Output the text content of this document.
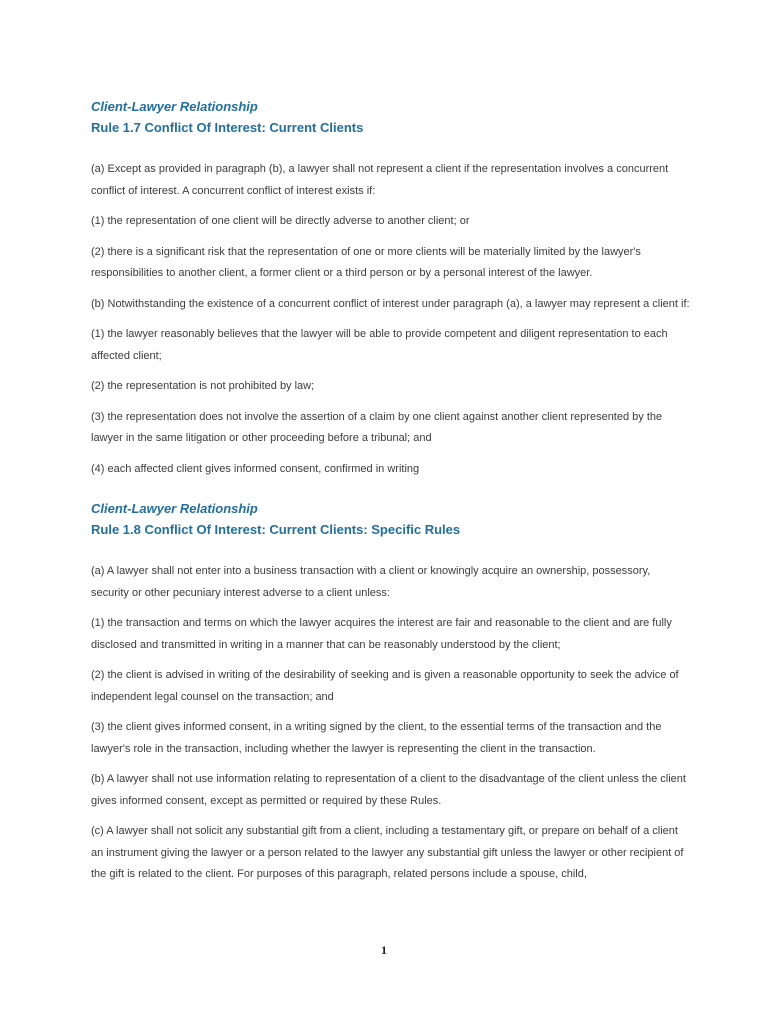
Client-Lawyer Relationship

Rule 1.7 Conflict Of Interest: Current Clients

(a) Except as provided in paragraph (b), a lawyer shall not represent a client if the representation involves a concurrent conflict of interest. A concurrent conflict of interest exists if:

(1) the representation of one client will be directly adverse to another client; or

(2) there is a significant risk that the representation of one or more clients will be materially limited by the lawyer's responsibilities to another client, a former client or a third person or by a personal interest of the lawyer.

(b) Notwithstanding the existence of a concurrent conflict of interest under paragraph (a), a lawyer may represent a client if:

(1) the lawyer reasonably believes that the lawyer will be able to provide competent and diligent representation to each affected client;

(2) the representation is not prohibited by law;

(3) the representation does not involve the assertion of a claim by one client against another client represented by the lawyer in the same litigation or other proceeding before a tribunal; and

(4) each affected client gives informed consent, confirmed in writing

Client-Lawyer Relationship

Rule 1.8 Conflict Of Interest: Current Clients: Specific Rules

(a) A lawyer shall not enter into a business transaction with a client or knowingly acquire an ownership, possessory, security or other pecuniary interest adverse to a client unless:

(1) the transaction and terms on which the lawyer acquires the interest are fair and reasonable to the client and are fully disclosed and transmitted in writing in a manner that can be reasonably understood by the client;

(2) the client is advised in writing of the desirability of seeking and is given a reasonable opportunity to seek the advice of independent legal counsel on the transaction; and

(3) the client gives informed consent, in a writing signed by the client, to the essential terms of the transaction and the lawyer's role in the transaction, including whether the lawyer is representing the client in the transaction.

(b) A lawyer shall not use information relating to representation of a client to the disadvantage of the client unless the client gives informed consent, except as permitted or required by these Rules.

(c) A lawyer shall not solicit any substantial gift from a client, including a testamentary gift, or prepare on behalf of a client an instrument giving the lawyer or a person related to the lawyer any substantial gift unless the lawyer or other recipient of the gift is related to the client. For purposes of this paragraph, related persons include a spouse, child,

1
